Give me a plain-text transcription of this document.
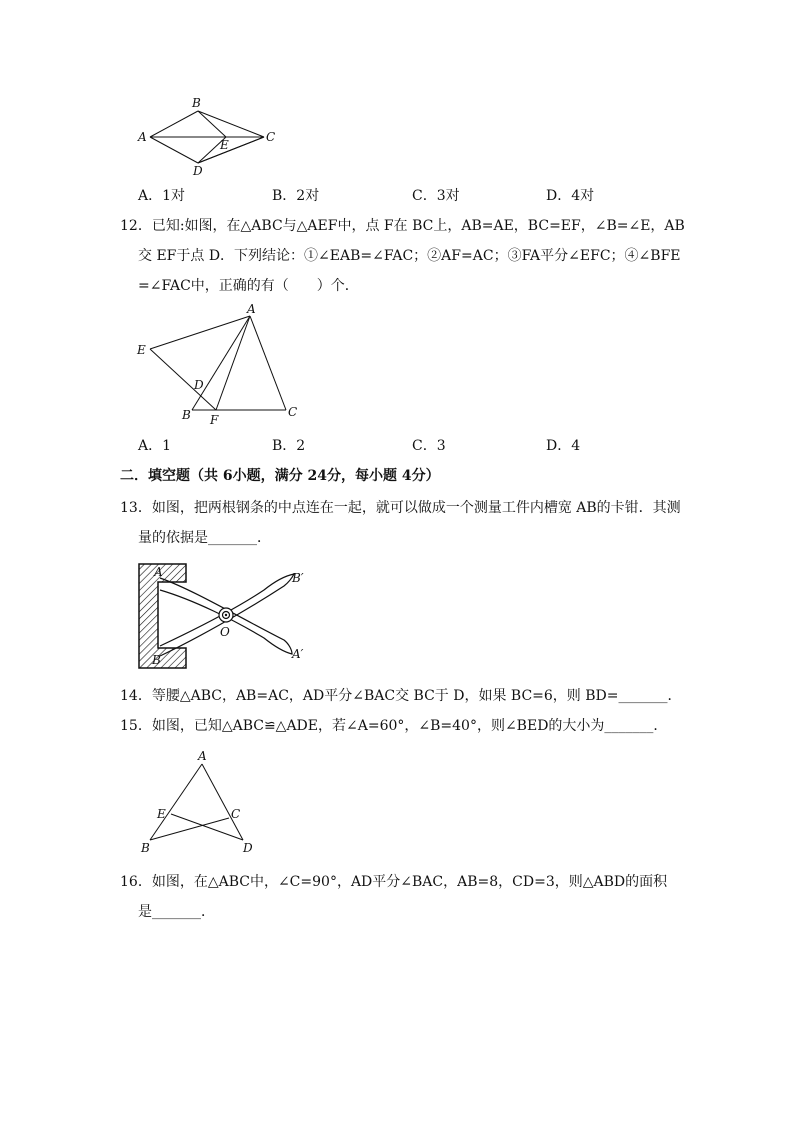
B
A	C
E
D
A．1对	B．2对	C．3对	D．4对
12．已知:如图，在△ABC与△AEF中，点 F在 BC上，AB=AE，BC=EF，∠B=∠E，AB
交 EF于点 D．下列结论：①∠EAB=∠FAC；②AF=AC；③FA平分∠EFC；④∠BFE
=∠FAC中，正确的有（　　）个．
A
E
D
B F
C
A．1	B．2	C．3	D．4
二．填空题（共 6小题，满分 24分，每小题 4分）
13．如图，把两根钢条的中点连在一起，就可以做成一个测量工件内槽宽 AB的卡钳．其测
量的依据是_______．
A
B
B′
A′
O
14．等腰△ABC，AB=AC，AD平分∠BAC交 BC于 D，如果 BC=6，则 BD=_______．
15．如图，已知△ABC≌△ADE，若∠A=60°，∠B=40°，则∠BED的大小为_______．
A
E	C
B	D
16．如图，在△ABC中，∠C=90°，AD平分∠BAC，AB=8，CD=3，则△ABD的面积
是_______．
